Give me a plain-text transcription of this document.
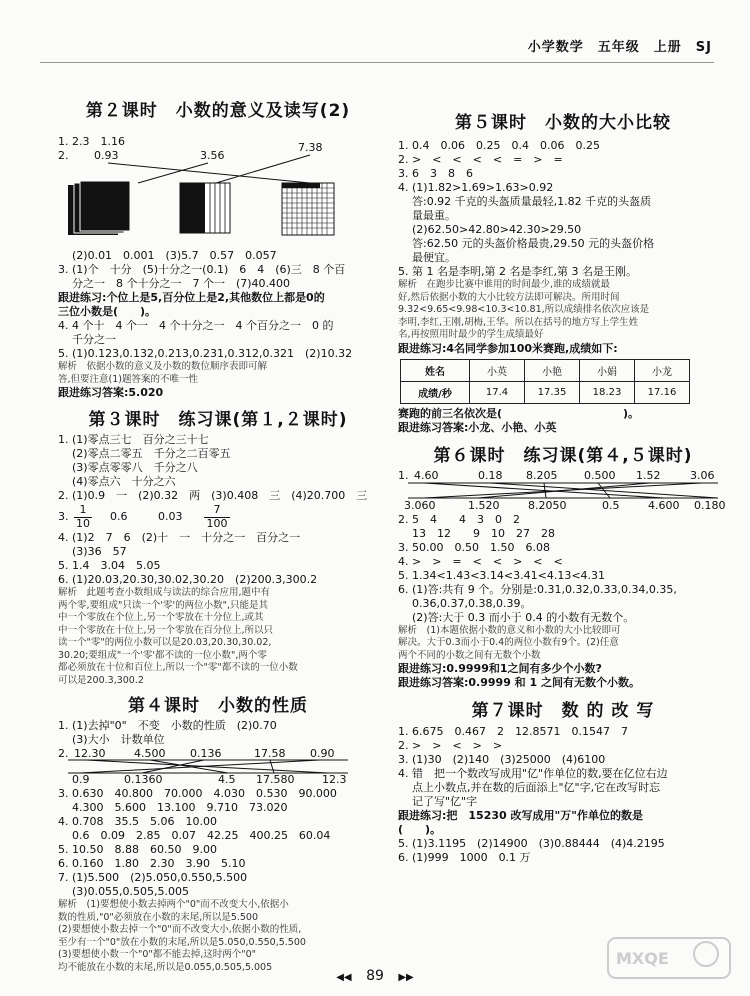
小学数学　五年级　上册　SJ
第２课时　小数的意义及读写(2)
1. 2.3　1.16
2. 0.93	3.56
7.38
(2)0.01　0.001　(3)5.7　0.57　0.057
3. (1)个　十分　(5)十分之一(0.1)　6　4　(6)三　8 个百
分之一　8 个十分之一　7 个一　(7)40.400
跟进练习:个位上是5,百分位上是2,其他数位上都是0的
三位小数是(　　)。
4. 4 个十　4 个一　4 个十分之一　4 个百分之一　0 的
千分之一
5. (1)0.123,0.132,0.213,0.231,0.312,0.321　(2)10.32
解析　依据小数的意义及小数的数位顺序表即可解
答,但要注意(1)题答案的不唯一性
跟进练习答案:5.020
第３课时　练习课(第１,２课时)
1. (1)零点三七　百分之三十七
(2)零点二零五　千分之二百零五
(3)零点零零八　千分之八
(4)零点六　十分之六
2. (1)0.9　一　(2)0.32　两　(3)0.408　三　(4)20.700　三

3.

1

10

0.6

	0.03

7

100

4. (1)2　7　6　(2)十　一　十分之一　百分之一
(3)36　57
5. 1.4　3.04　5.05
6. (1)20.03,20.30,30.02,30.20　(2)200.3,300.2
解析　此题考查小数组成与读法的综合应用,题中有
两个零,要组成"只读一个'零'的两位小数",只能是其
中一个零放在个位上,另一个零放在十分位上,或其
中一个零放在十位上,另一个零放在百分位上,所以只
读一个"零"的两位小数可以是20.03,20.30,30.02,
30.20;要组成"一个'零'都不读的一位小数",两个零
都必须放在十位和百位上,所以一个"零"都不读的一位小数
可以是200.3,300.2
第４课时　小数的性质
1. (1)去掉"0"　不变　小数的性质　(2)0.70
(3)大小　计数单位
2. 12.30	4.500 0.136	17.58 0.90
0.9	0.1360	4.5 17.580	12.3
3. 0.630　40.800　70.000　4.030　0.530　90.000
4.300　5.600　13.100　9.710　73.020
4. 0.708　35.5　5.06　10.00
0.6　0.09　2.85　0.07　42.25　400.25　60.04
5. 10.50　8.88　60.50　9.00
6. 0.160　1.80　2.30　3.90　5.10
7. (1)5.500　(2)5.050,0.550,5.500
(3)0.055,0.505,5.005
解析　(1)要想使小数去掉两个"0"而不改变大小,依据小
数的性质,"0"必须放在小数的末尾,所以是5.500
(2)要想使小数去掉一个"0"而不改变大小,依据小数的性质,
至少有一个"0"放在小数的末尾,所以是5.050,0.550,5.500
(3)要想使小数一个"0"都不能去掉,这时两个"0"
均不能放在小数的末尾,所以是0.055,0.505,5.005
第５课时　小数的大小比较
1. 0.4　0.06　0.25　0.4　0.06　0.25
2. >　<　<　<　<　=　>　=
3. 6　3　8　6
4. (1)1.82>1.69>1.63>0.92
答:0.92 千克的头盔质量最轻,1.82 千克的头盔质
量最重。
(2)62.50>42.80>42.30>29.50
答:62.50 元的头盔价格最贵,29.50 元的头盔价格
最便宜。
5. 第 1 名是李明,第 2 名是李红,第 3 名是王刚。
解析　在跑步比赛中谁用的时间最少,谁的成绩就最
好,然后依据小数的大小比较方法即可解决。所用时间
9.32<9.65<9.98<10.3<10.81,所以成绩排名依次应该是
李明,李红,王刚,胡梅,王华。所以在括号的地方写上学生姓
名,再按照用时最少的学生成绩最好
跟进练习:4名同学参加100米赛跑,成绩如下:
姓名	小英	小艳	小娟	小龙
成绩/秒	17.4	17.35	18.23	17.16
赛跑的前三名依次是(　　　　　　　　　　　)。
跟进练习答案:小龙、小艳、小英
第６课时　练习课(第４,５课时)
1. 4.60	0.18 8.205 0.500 1.52	3.06
3.060	1.520	8.2050	0.5	4.600 0.180
2. 5　4　　4　3　0　2
13　12　　9　10　27　28
3. 50.00　0.50　1.50　6.08
4. >　>　=　<　<　>　<　<
5. 1.34<1.43<3.14<3.41<4.13<4.31
6. (1)答:共有 9 个。分别是:0.31,0.32,0.33,0.34,0.35,
0.36,0.37,0.38,0.39。
(2)答:大于 0.3 而小于 0.4 的小数有无数个。
解析　(1)本题依据小数的意义和小数的大小比较即可
解决。大于0.3而小于0.4的两位小数有9个。(2)任意
两个不同的小数之间有无数个小数
跟进练习:0.9999和1之间有多少个小数?
跟进练习答案:0.9999 和 1 之间有无数个小数。
第７课时　数 的 改 写
1. 6.675　0.467　2　12.8571　0.1547　7
2. >　>　<　>　>
3. (1)30　(2)140　(3)25000　(4)6100
4. 错　把一个数改写成用"亿"作单位的数,要在亿位右边
点上小数点,并在数的后面添上"亿"字,它在改写时忘
记了写"亿"字
跟进练习:把　15230 改写成用"万"作单位的数是
(　　)。
5. (1)3.1195　(2)14900　(3)0.88444　(4)4.2195
6. (1)999　1000　0.1 万
◀◀ 89 ▶▶
MXQE
